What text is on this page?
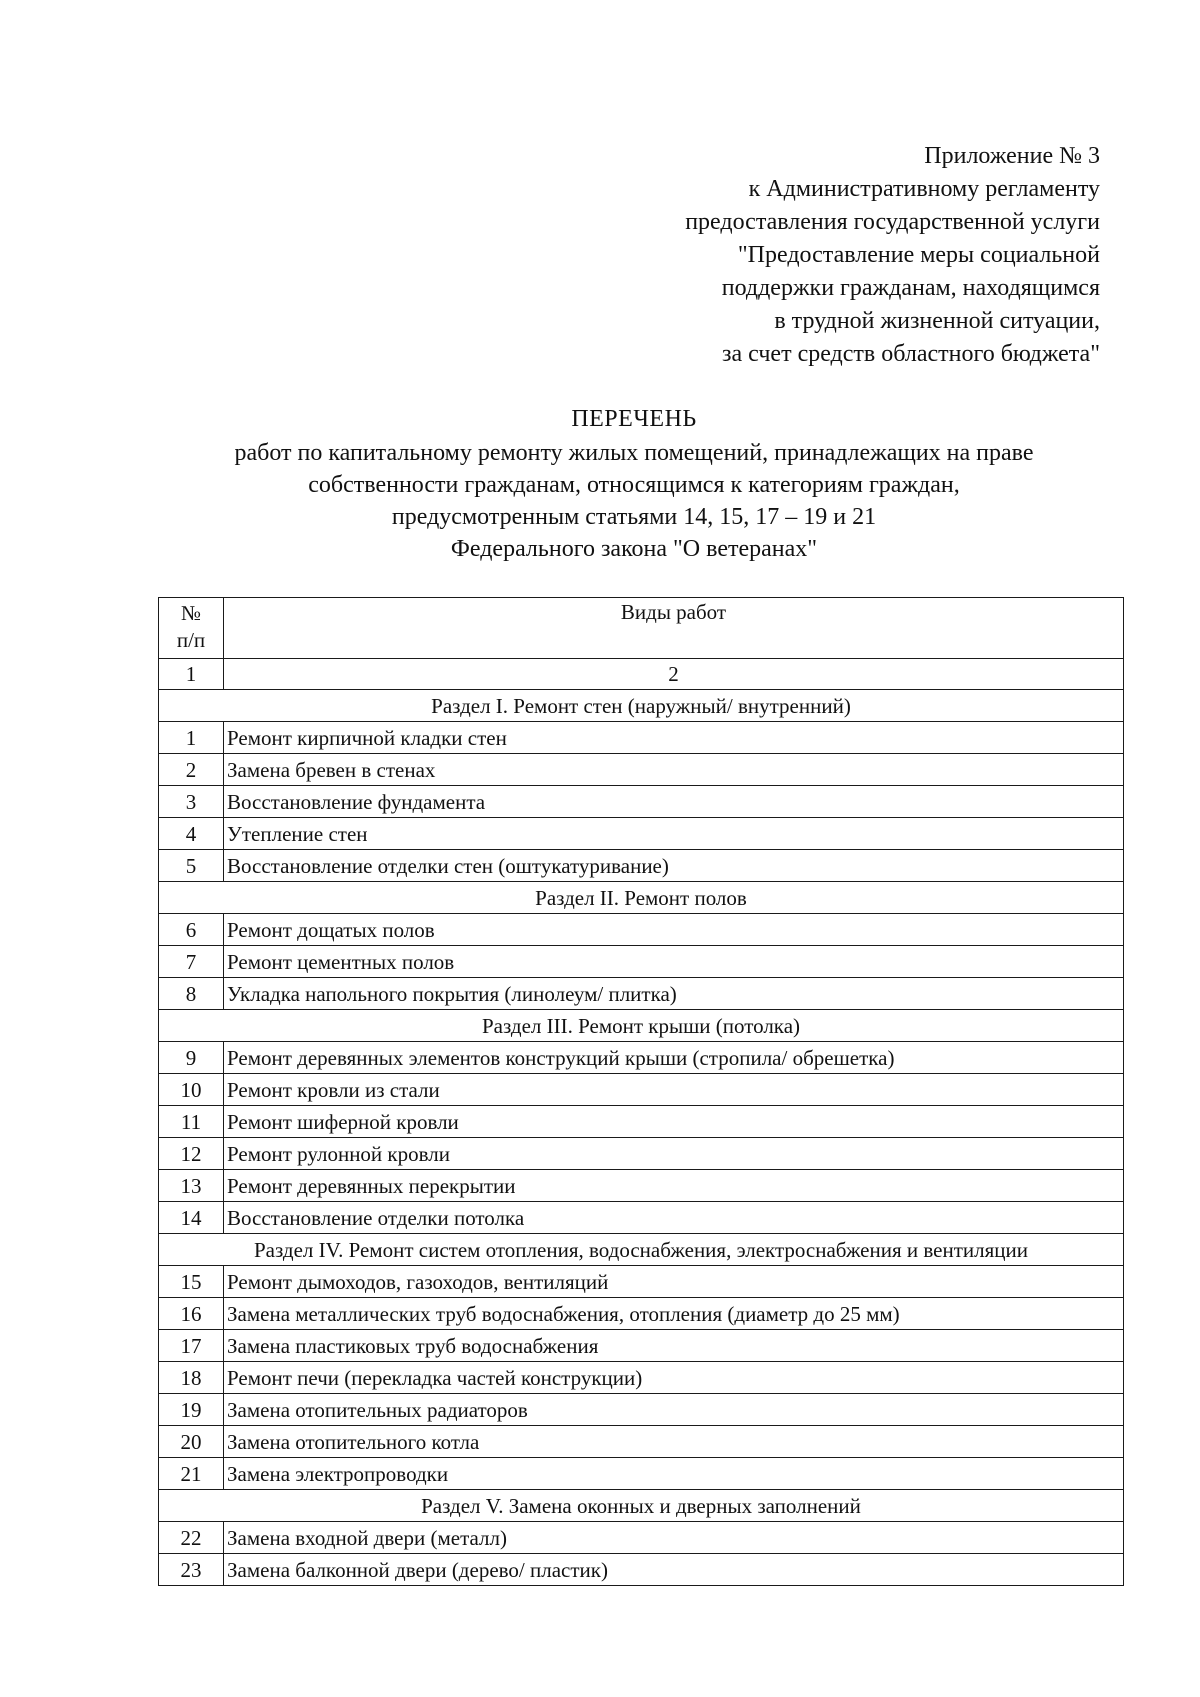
Приложение № 3
к Административному регламенту
предоставления государственной услуги
"Предоставление меры социальной
поддержки гражданам, находящимся
в трудной жизненной ситуации,
за счет средств областного бюджета"
ПЕРЕЧЕНЬ
работ по капитальному ремонту жилых помещений, принадлежащих на праве
собственности гражданам, относящимся к категориям граждан,
предусмотренным статьями 14, 15, 17 – 19 и 21
Федерального закона "О ветеранах"
№
п/п	Виды работ
1	2
Раздел I. Ремонт стен (наружный/ внутренний)	
1	Ремонт кирпичной кладки стен
2	Замена бревен в стенах
3	Восстановление фундамента
4	Утепление стен
5	Восстановление отделки стен (оштукатуривание)
Раздел II. Ремонт полов	
6	Ремонт дощатых полов
7	Ремонт цементных полов
8	Укладка напольного покрытия (линолеум/ плитка)
Раздел III. Ремонт крыши (потолка)	
9	Ремонт деревянных элементов конструкций крыши (стропила/ обрешетка)
10	Ремонт кровли из стали
11	Ремонт шиферной кровли
12	Ремонт рулонной кровли
13	Ремонт деревянных перекрытии
14	Восстановление отделки потолка
Раздел IV. Ремонт систем отопления, водоснабжения, электроснабжения и вентиляции	
15	Ремонт дымоходов, газоходов, вентиляций
16	Замена металлических труб водоснабжения, отопления (диаметр до 25 мм)
17	Замена пластиковых труб водоснабжения
18	Ремонт печи (перекладка частей конструкции)
19	Замена отопительных радиаторов
20	Замена отопительного котла
21	Замена электропроводки
Раздел V. Замена оконных и дверных заполнений	
22	Замена входной двери (металл)
23	Замена балконной двери (дерево/ пластик)
